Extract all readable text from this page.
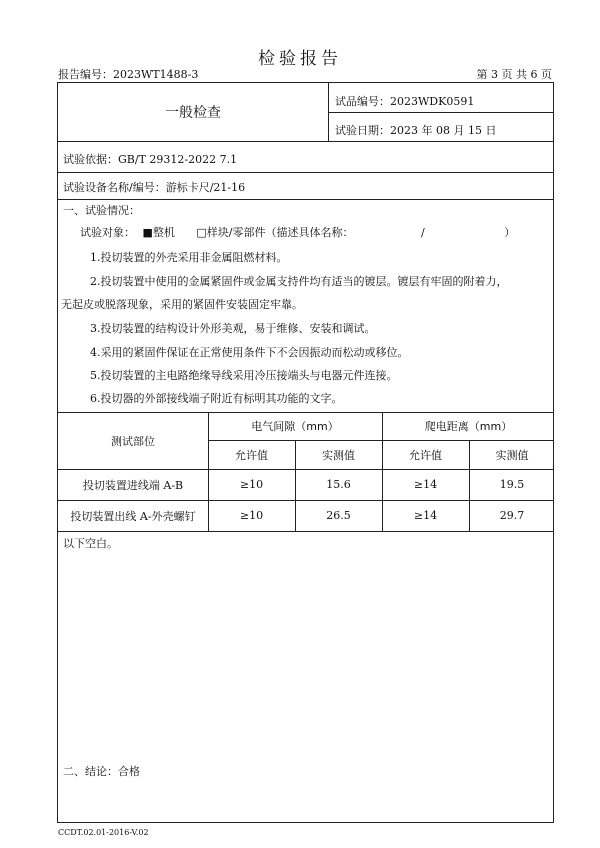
检验报告
报告编号：2023WT1488-3	第 3 页 共 6 页
一般检查
试品编号：2023WDK0591
试验日期：2023 年 08 月 15 日
试验依据：GB/T 29312-2022 7.1
试验设备名称/编号：游标卡尺/21-16
一、试验情况：
试验对象： ■整机 □样块/零部件（描述具体名称：	/	）
1.投切装置的外壳采用非金属阻燃材料。
2.投切装置中使用的金属紧固件或金属支持件均有适当的镀层。镀层有牢固的附着力，
无起皮或脱落现象，采用的紧固件安装固定牢靠。
3.投切装置的结构设计外形美观，易于维修、安装和调试。
4.采用的紧固件保证在正常使用条件下不会因振动而松动或移位。
5.投切装置的主电路绝缘导线采用冷压接端头与电器元件连接。
6.投切器的外部接线端子附近有标明其功能的文字。
测试部位
电气间隙（mm）	爬电距离（mm）
允许值	实测值	允许值	实测值
投切装置进线端 A-B	≥10	15.6	≥14	19.5
投切装置出线 A-外壳螺钉	≥10	26.5	≥14	29.7
以下空白。
二、结论：合格
CCDT.02.01-2016-V.02
